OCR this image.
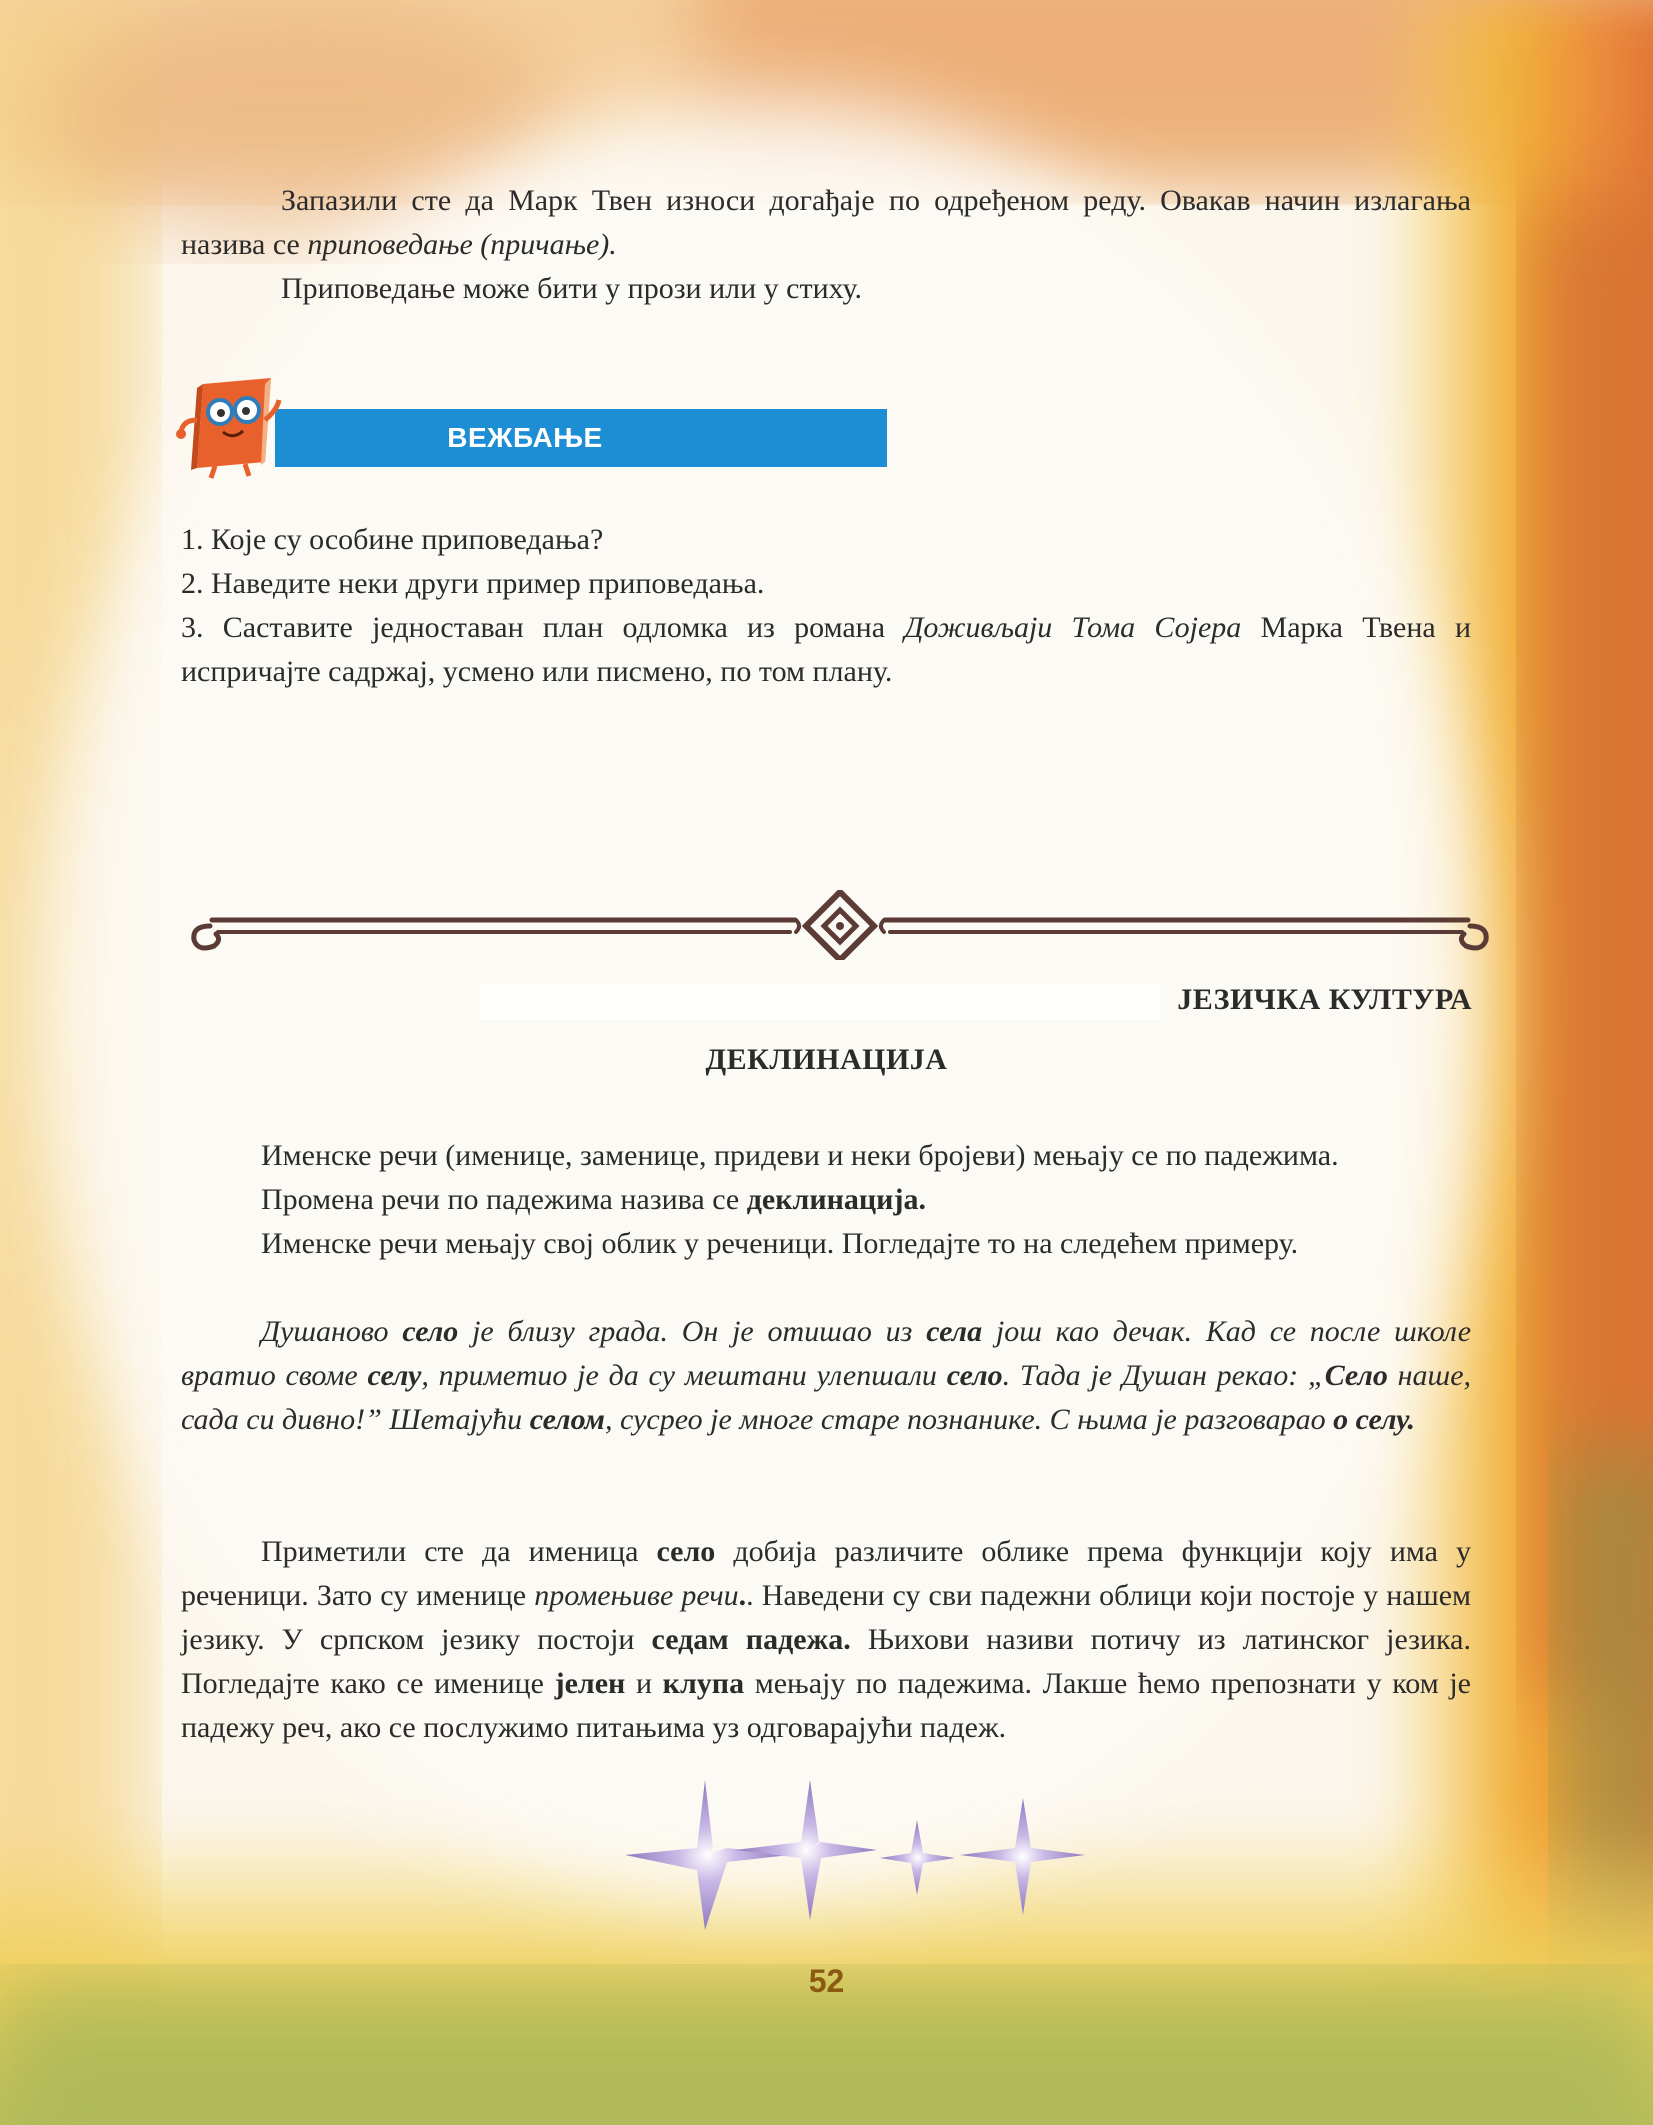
Запазили сте да Марк Твен износи догађаје по одређеном реду. Овакав начин излагања назива се приповедање (причање).

Приповедање може бити у прози или у стиху.

ВЕЖБАЊЕ
1. Које су особине приповедања?
2. Наведите неки други пример приповедања.
3. Саставите једноставан план одломка из романа Доживљаји Тома Сојера Марка Твена и испричајте садржај, усмено или писмено, по том плану.
ЈЕЗИЧКА КУЛТУРА
ДЕКЛИНАЦИЈА

Именске речи (именице, заменице, придеви и неки бројеви) мењају се по падежима.

Промена речи по падежима назива се деклинација.

Именске речи мењају свој облик у реченици. Погледајте то на следећем примеру.

Душаново село је близу града. Он је отишао из села још као дечак. Кад се после школе вратио своме селу, приметио је да су мештани улепшали село. Тада је Душан рекао: „Село наше, сада си дивно!” Шетајући селом, сусрео је многе старе познанике. С њима је разговарао о селу.

Приметили сте да именица село добија различите облике према функцији коју има у реченици. Зато су именице промењиве речи.. Наведени су сви падежни облици који постоје у нашем језику. У српском језику постоји седам падежа. Њихови називи потичу из латинског језика. Погледајте како се именице јелен и клупа мењају по падежима. Лакше ћемо препознати у ком је падежу реч, ако се послужимо питањима уз одговарајући падеж.

52
